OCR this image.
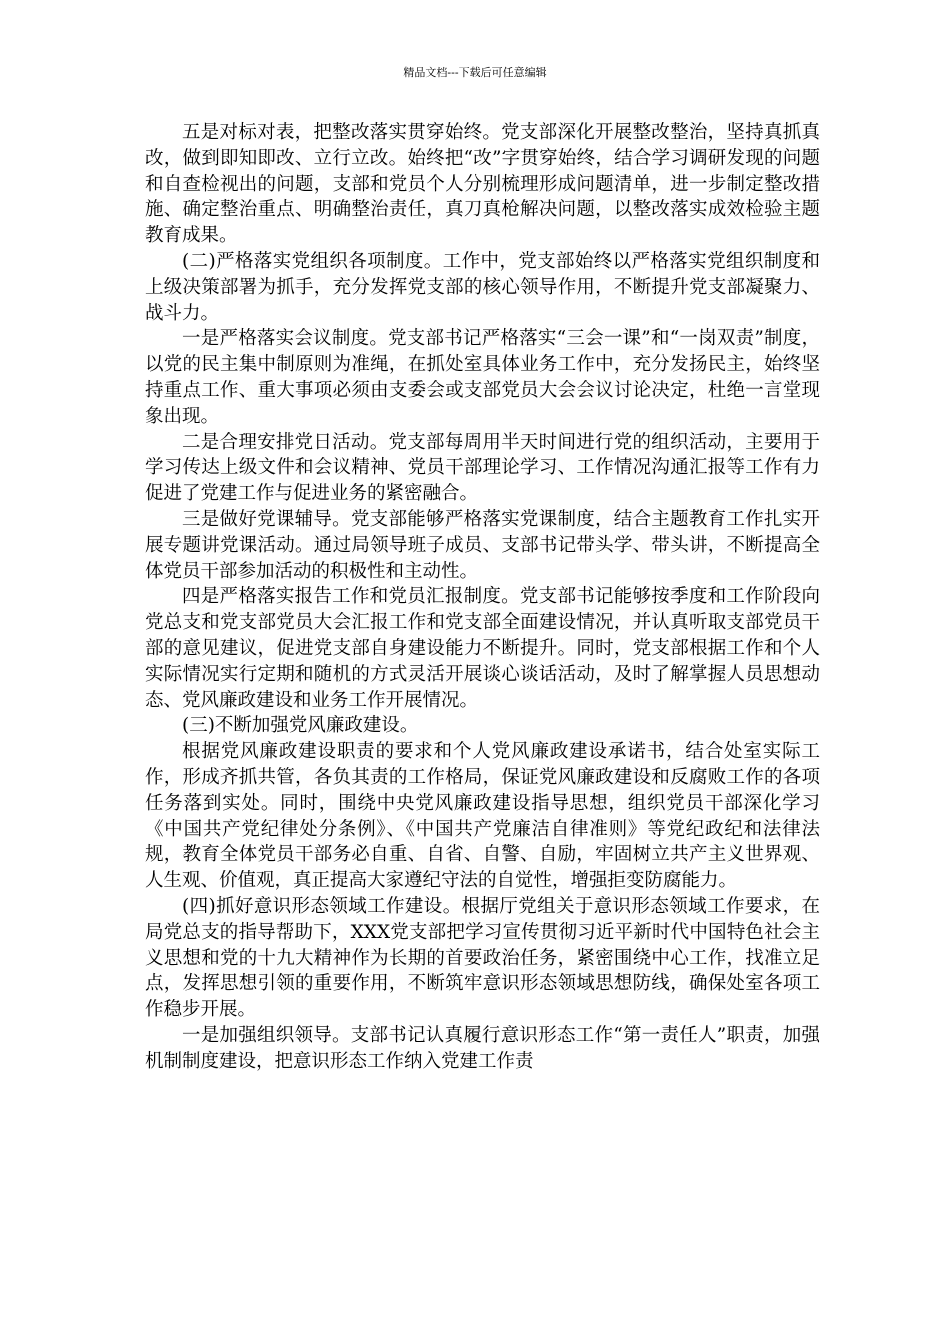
精品文档---下载后可任意编辑

五是对标对表，把整改落实贯穿始终。党支部深化开展整改整治，坚持真抓真改，做到即知即改、立行立改。始终把“改”字贯穿始终，结合学习调研发现的问题和自查检视出的问题，支部和党员个人分别梳理形成问题清单，进一步制定整改措施、确定整治重点、明确整治责任，真刀真枪解决问题，以整改落实成效检验主题教育成果。

(二)严格落实党组织各项制度。工作中，党支部始终以严格落实党组织制度和上级决策部署为抓手，充分发挥党支部的核心领导作用，不断提升党支部凝聚力、战斗力。

一是严格落实会议制度。党支部书记严格落实“三会一课”和“一岗双责”制度，以党的民主集中制原则为准绳，在抓处室具体业务工作中，充分发扬民主，始终坚持重点工作、重大事项必须由支委会或支部党员大会会议讨论决定，杜绝一言堂现象出现。

二是合理安排党日活动。党支部每周用半天时间进行党的组织活动，主要用于学习传达上级文件和会议精神、党员干部理论学习、工作情况沟通汇报等工作有力促进了党建工作与促进业务的紧密融合。

三是做好党课辅导。党支部能够严格落实党课制度，结合主题教育工作扎实开展专题讲党课活动。通过局领导班子成员、支部书记带头学、带头讲，不断提高全体党员干部参加活动的积极性和主动性。

四是严格落实报告工作和党员汇报制度。党支部书记能够按季度和工作阶段向党总支和党支部党员大会汇报工作和党支部全面建设情况，并认真听取支部党员干部的意见建议，促进党支部自身建设能力不断提升。同时，党支部根据工作和个人实际情况实行定期和随机的方式灵活开展谈心谈话活动，及时了解掌握人员思想动态、党风廉政建设和业务工作开展情况。

(三)不断加强党风廉政建设。

根据党风廉政建设职责的要求和个人党风廉政建设承诺书，结合处室实际工作，形成齐抓共管，各负其责的工作格局，保证党风廉政建设和反腐败工作的各项任务落到实处。同时，围绕中央党风廉政建设指导思想，组织党员干部深化学习《中国共产党纪律处分条例》、《中国共产党廉洁自律准则》等党纪政纪和法律法规，教育全体党员干部务必自重、自省、自警、自励，牢固树立共产主义世界观、人生观、价值观，真正提高大家遵纪守法的自觉性，增强拒变防腐能力。

(四)抓好意识形态领域工作建设。根据厅党组关于意识形态领域工作要求，在局党总支的指导帮助下，XXX党支部把学习宣传贯彻习近平新时代中国特色社会主义思想和党的十九大精神作为长期的首要政治任务，紧密围绕中心工作，找准立足点，发挥思想引领的重要作用，不断筑牢意识形态领域思想防线，确保处室各项工作稳步开展。

一是加强组织领导。支部书记认真履行意识形态工作“第一责任人”职责，加强机制制度建设，把意识形态工作纳入党建工作责
